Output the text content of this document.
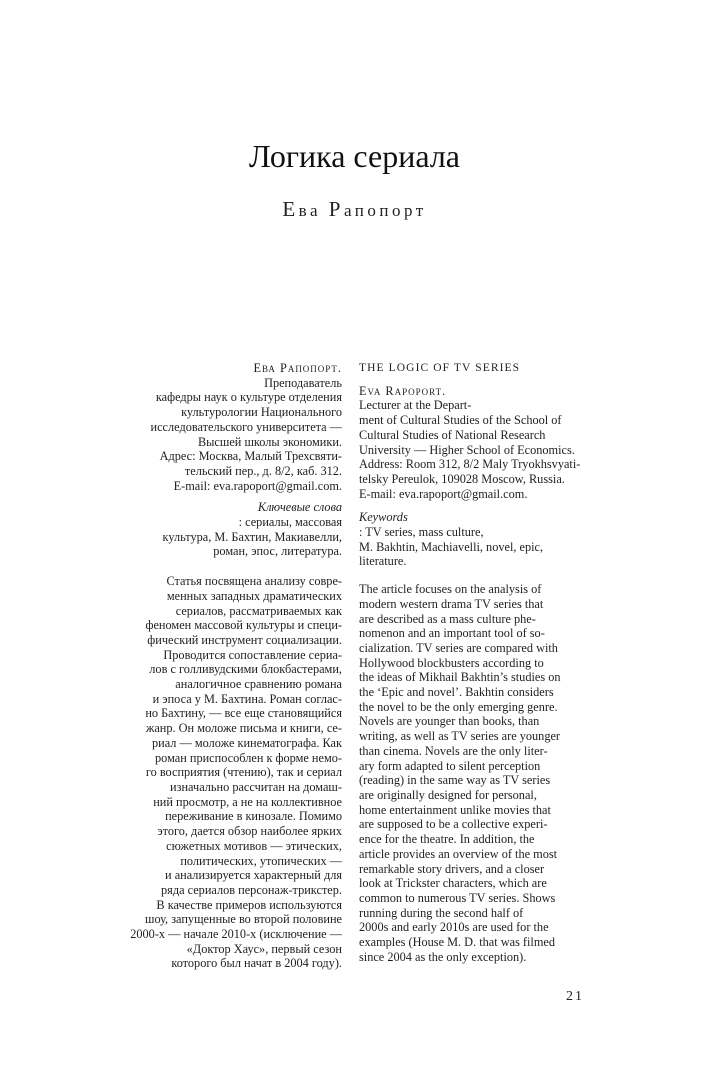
Логика сериала
Ева Рапопорт
Ева Рапопорт.
Преподаватель
кафедры наук о культуре отделения
культурологии Национального
исследовательского университета —
Высшей школы экономики.
Адрес: Москва, Малый Трехсвяти-
тельский пер., д. 8/2, каб. 312.
E-mail: eva.rapoport@gmail.com.
Ключевые слова
: сериалы, массовая
культура, М. Бахтин, Макиавелли,
роман, эпос, литература.
Статья посвящена анализу совре-
менных западных драматических
сериалов, рассматриваемых как
феномен массовой культуры и специ-
фический инструмент социализации.
Проводится сопоставление сериа-
лов с голливудскими блокбастерами,
аналогичное сравнению романа
и эпоса у М. Бахтина. Роман соглас-
но Бахтину, — все еще становящийся
жанр. Он моложе письма и книги, се-
риал — моложе кинематографа. Как
роман приспособлен к форме немо-
го восприятия (чтению), так и сериал
изначально рассчитан на домаш-
ний просмотр, а не на коллективное
переживание в кинозале. Помимо
этого, дается обзор наиболее ярких
сюжетных мотивов — этических,
политических, утопических —
и анализируется характерный для
ряда сериалов персонаж-трикстер.
В качестве примеров используются
шоу, запущенные во второй половине
2000-х — начале 2010-х (исключение —
«Доктор Хаус», первый сезон
которого был начат в 2004 году).
THE LOGIC OF TV SERIES
Eva Rapoport.
Lecturer at the Depart-
ment of Cultural Studies of the School of
Cultural Studies of National Research
University — Higher School of Economics.
Address: Room 312, 8/2 Maly Tryokhsvyati-
telsky Pereulok, 109028 Moscow, Russia.
E-mail: eva.rapoport@gmail.com.
Keywords
: TV series, mass culture,
M. Bakhtin, Machiavelli, novel, epic,
literature.
The article focuses on the analysis of
modern western drama TV series that
are described as a mass culture phe-
nomenon and an important tool of so-
cialization. TV series are compared with
Hollywood blockbusters according to
the ideas of Mikhail Bakhtin’s studies on
the ‘Epic and novel’. Bakhtin considers
the novel to be the only emerging genre.
Novels are younger than books, than
writing, as well as TV series are younger
than cinema. Novels are the only liter-
ary form adapted to silent perception
(reading) in the same way as TV series
are originally designed for personal,
home entertainment unlike movies that
are supposed to be a collective experi-
ence for the theatre. In addition, the
article provides an overview of the most
remarkable story drivers, and a closer
look at Trickster characters, which are
common to numerous TV series. Shows
running during the second half of
2000s and early 2010s are used for the
examples (House M. D. that was filmed
since 2004 as the only exception).
21
